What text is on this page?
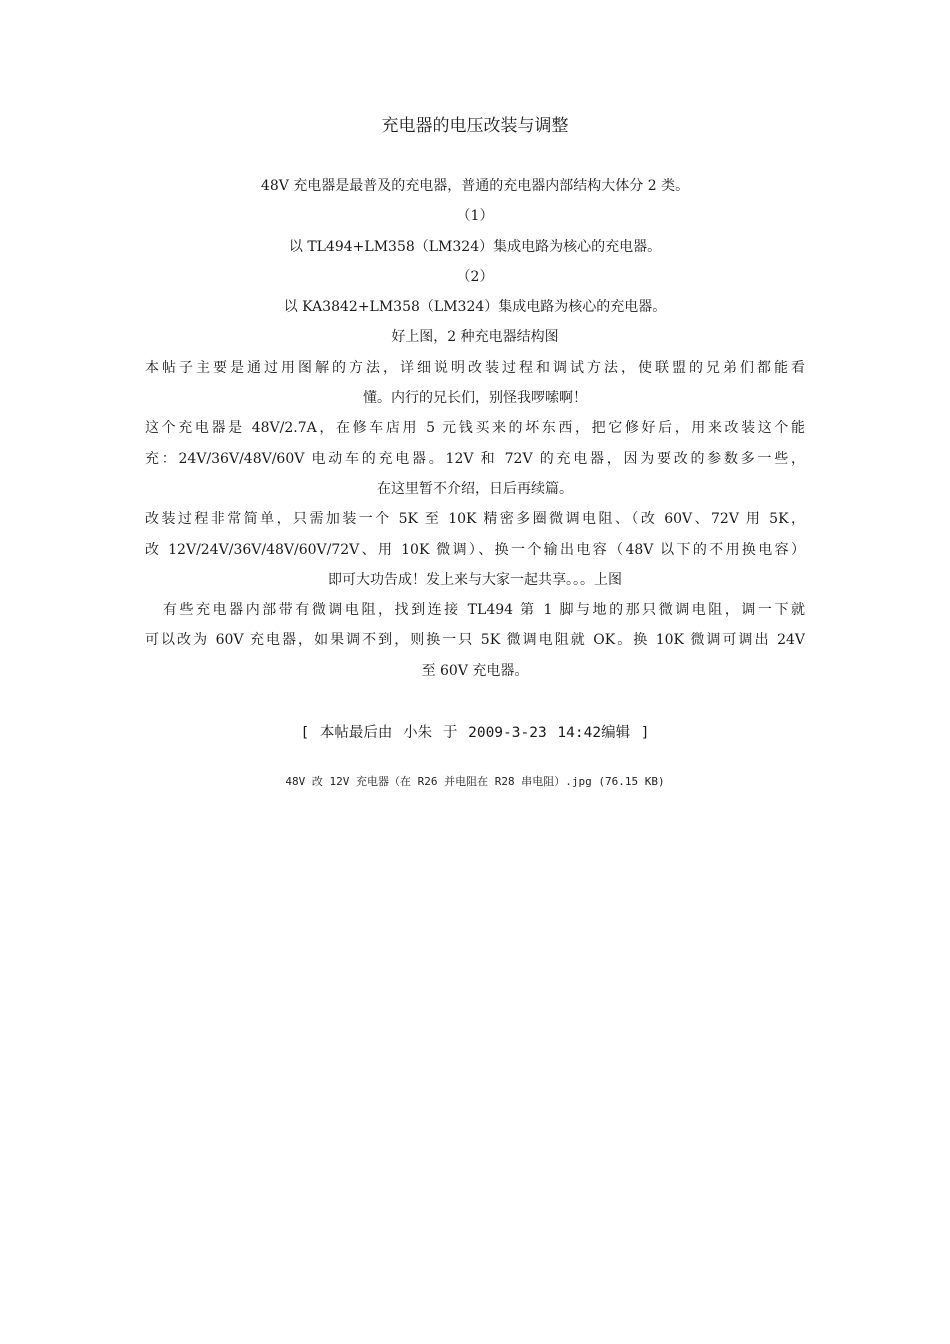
充电器的电压改装与调整
48V 充电器是最普及的充电器，普通的充电器内部结构大体分 2 类。
（1）
以 TL494+LM358（LM324）集成电路为核心的充电器。
（2）
以 KA3842+LM358（LM324）集成电路为核心的充电器。
好上图，2 种充电器结构图
本帖子主要是通过用图解的方法，详细说明改装过程和调试方法，使联盟的兄弟们都能看
懂。内行的兄长们，别怪我啰嗦啊！
这个充电器是 48V/2.7A，在修车店用 5 元钱买来的坏东西，把它修好后，用来改装这个能
充：24V/36V/48V/60V 电动车的充电器。12V 和 72V 的充电器，因为要改的参数多一些，
在这里暂不介绍，日后再续篇。
改装过程非常简单，只需加装一个 5K 至 10K 精密多圈微调电阻、（改 60V、72V 用 5K，
改 12V/24V/36V/48V/60V/72V、用 10K 微调）、换一个输出电容（48V 以下的不用换电容）
即可大功告成！发上来与大家一起共享。。。上图
有些充电器内部带有微调电阻，找到连接 TL494 第 1 脚与地的那只微调电阻，调一下就
可以改为 60V 充电器，如果调不到，则换一只 5K 微调电阻就 OK。换 10K 微调可调出 24V
至 60V 充电器。
[ 本帖最后由 小朱 于 2009-3-23 14:42编辑 ]
48V 改 12V 充电器（在 R26 并电阻在 R28 串电阻）.jpg (76.15 KB)
